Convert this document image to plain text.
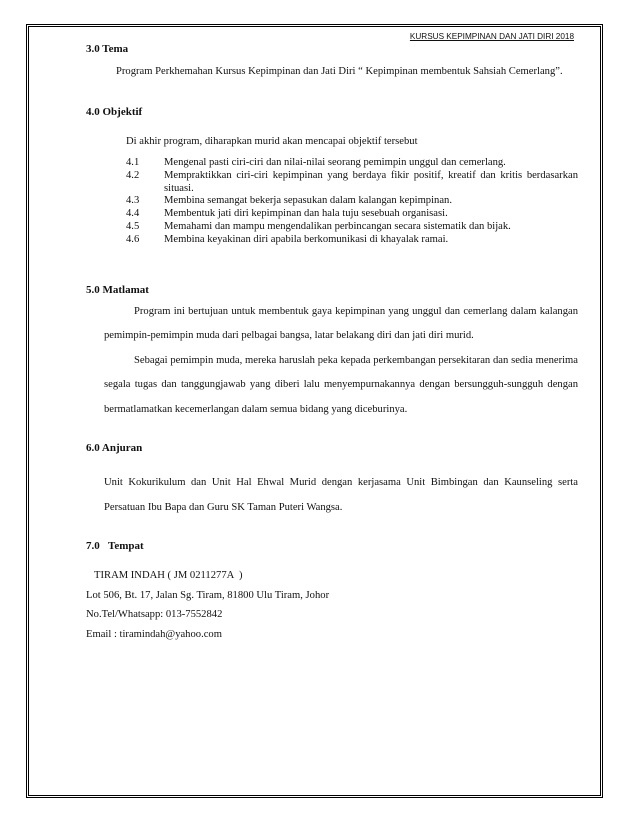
KURSUS KEPIMPINAN DAN JATI DIRI 2018
3.0 Tema

Program Perkhemahan Kursus Kepimpinan dan Jati Diri “ Kepimpinan membentuk Sahsiah Cemerlang”.

4.0 Objektif

Di akhir program, diharapkan murid akan mencapai objektif tersebut

4.1	Mengenal pasti ciri-ciri dan nilai-nilai seorang pemimpin unggul dan cemerlang.
4.2	Mempraktikkan ciri-ciri kepimpinan yang berdaya fikir positif, kreatif dan kritis berdasarkan situasi.
4.3	Membina semangat bekerja sepasukan dalam kalangan kepimpinan.
4.4	Membentuk jati diri kepimpinan dan hala tuju sesebuah organisasi.
4.5	Memahami dan mampu mengendalikan perbincangan secara sistematik dan bijak.
4.6	Membina keyakinan diri apabila berkomunikasi di khayalak ramai.
5.0 Matlamat

Program ini bertujuan untuk membentuk gaya kepimpinan yang unggul dan cemerlang dalam kalangan pemimpin-pemimpin muda dari pelbagai bangsa, latar belakang diri dan jati diri murid.

Sebagai pemimpin muda, mereka haruslah peka kepada perkembangan persekitaran dan sedia menerima segala tugas dan tanggungjawab yang diberi lalu menyempurnakannya dengan bersungguh-sungguh dengan bermatlamatkan kecemerlangan dalam semua bidang yang diceburinya.

6.0 Anjuran

Unit Kokurikulum dan Unit Hal Ehwal Murid dengan kerjasama Unit Bimbingan dan Kaunseling serta Persatuan Ibu Bapa dan Guru SK Taman Puteri Wangsa.

7.0   Tempat
TIRAM INDAH ( JM 0211277A  )
Lot 506, Bt. 17, Jalan Sg. Tiram, 81800 Ulu Tiram, Johor
No.Tel/Whatsapp: 013-7552842
Email : tiramindah@yahoo.com
